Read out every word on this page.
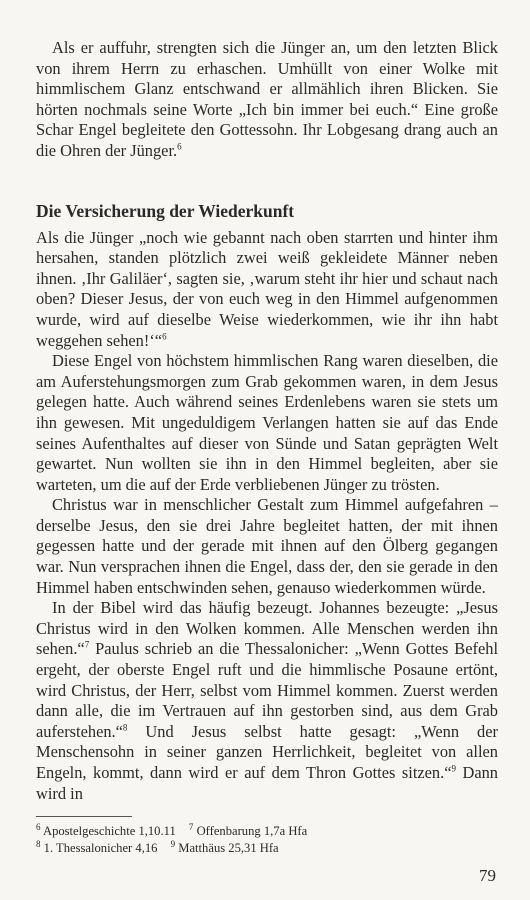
Als er auffuhr, strengten sich die Jünger an, um den letzten Blick von ihrem Herrn zu erhaschen. Umhüllt von einer Wolke mit himmlischem Glanz entschwand er allmählich ihren Blicken. Sie hörten nochmals seine Worte „Ich bin immer bei euch.“ Eine große Schar Engel begleitete den Gottessohn. Ihr Lobgesang drang auch an die Ohren der Jünger.$^6$

Die Versicherung der Wiederkunft

Als die Jünger „noch wie gebannt nach oben starrten und hinter ihm hersahen, standen plötzlich zwei weiß gekleidete Männer neben ihnen. ‚Ihr Galiläer‘, sagten sie, ‚warum steht ihr hier und schaut nach oben? Dieser Jesus, der von euch weg in den Himmel aufgenommen wurde, wird auf dieselbe Weise wiederkommen, wie ihr ihn habt weggehen sehen!‘“$^6$

Diese Engel von höchstem himmlischen Rang waren dieselben, die am Auferstehungsmorgen zum Grab gekommen waren, in dem Jesus gelegen hatte. Auch während seines Erdenlebens waren sie stets um ihn gewesen. Mit ungeduldigem Verlangen hatten sie auf das Ende seines Aufenthaltes auf dieser von Sünde und Satan geprägten Welt gewartet. Nun wollten sie ihn in den Himmel begleiten, aber sie warteten, um die auf der Erde verbliebenen Jünger zu trösten.

Christus war in menschlicher Gestalt zum Himmel aufgefahren – derselbe Jesus, den sie drei Jahre begleitet hatten, der mit ihnen gegessen hatte und der gerade mit ihnen auf den Ölberg gegangen war. Nun versprachen ihnen die Engel, dass der, den sie gerade in den Himmel haben entschwinden sehen, genauso wiederkommen würde.

In der Bibel wird das häufig bezeugt. Johannes bezeugte: „Jesus Christus wird in den Wolken kommen. Alle Menschen werden ihn sehen.“$^7$ Paulus schrieb an die Thessalonicher: „Wenn Gottes Befehl ergeht, der oberste Engel ruft und die himmlische Posaune ertönt, wird Christus, der Herr, selbst vom Himmel kommen. Zuerst werden dann alle, die im Vertrauen auf ihn gestorben sind, aus dem Grab auferstehen.“$^8$ Und Jesus selbst hatte gesagt: „Wenn der Menschensohn in seiner ganzen Herrlichkeit, begleitet von allen Engeln, kommt, dann wird er auf dem Thron Gottes sitzen.“$^9$ Dann wird in

$^6$ Apostelgeschichte 1,10.11 $^7$ Offenbarung 1,7a Hfa

$^8$ 1. Thessalonicher 4,16 $^9$ Matthäus 25,31 Hfa

79
